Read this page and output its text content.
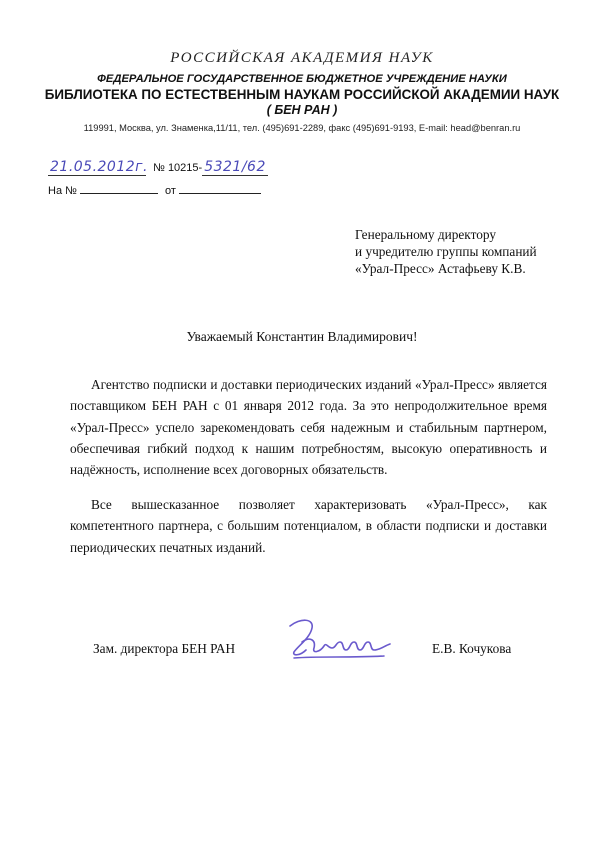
РОССИЙСКАЯ АКАДЕМИЯ НАУК
ФЕДЕРАЛЬНОЕ ГОСУДАРСТВЕННОЕ БЮДЖЕТНОЕ УЧРЕЖДЕНИЕ НАУКИ
БИБЛИОТЕКА ПО ЕСТЕСТВЕННЫМ НАУКАМ РОССИЙСКОЙ АКАДЕМИИ НАУК
( БЕН РАН )
119991, Москва, ул. Знаменка,11/11, тел. (495)691-2289, факс (495)691-9193, E-mail: head@benran.ru
21.05.2012г. № 10215- 5321/62
На №	от
Генеральному директору
и учредителю группы компаний
«Урал-Пресс» Астафьеву К.В.
Уважаемый Константин Владимирович!
Агентство подписки и доставки периодических изданий «Урал-Пресс» является поставщиком БЕН РАН с 01 января 2012 года. За это непродолжительное время «Урал-Пресс» успело зарекомендовать себя надежным и стабильным партнером, обеспечивая гибкий подход к нашим потребностям, высокую оперативность и надёжность, исполнение всех договорных обязательств.
Все вышесказанное позволяет характеризовать «Урал-Пресс», как компетентного партнера, с большим потенциалом, в области подписки и доставки периодических печатных изданий.
Зам. директора БЕН РАН	Е.В. Кочукова
